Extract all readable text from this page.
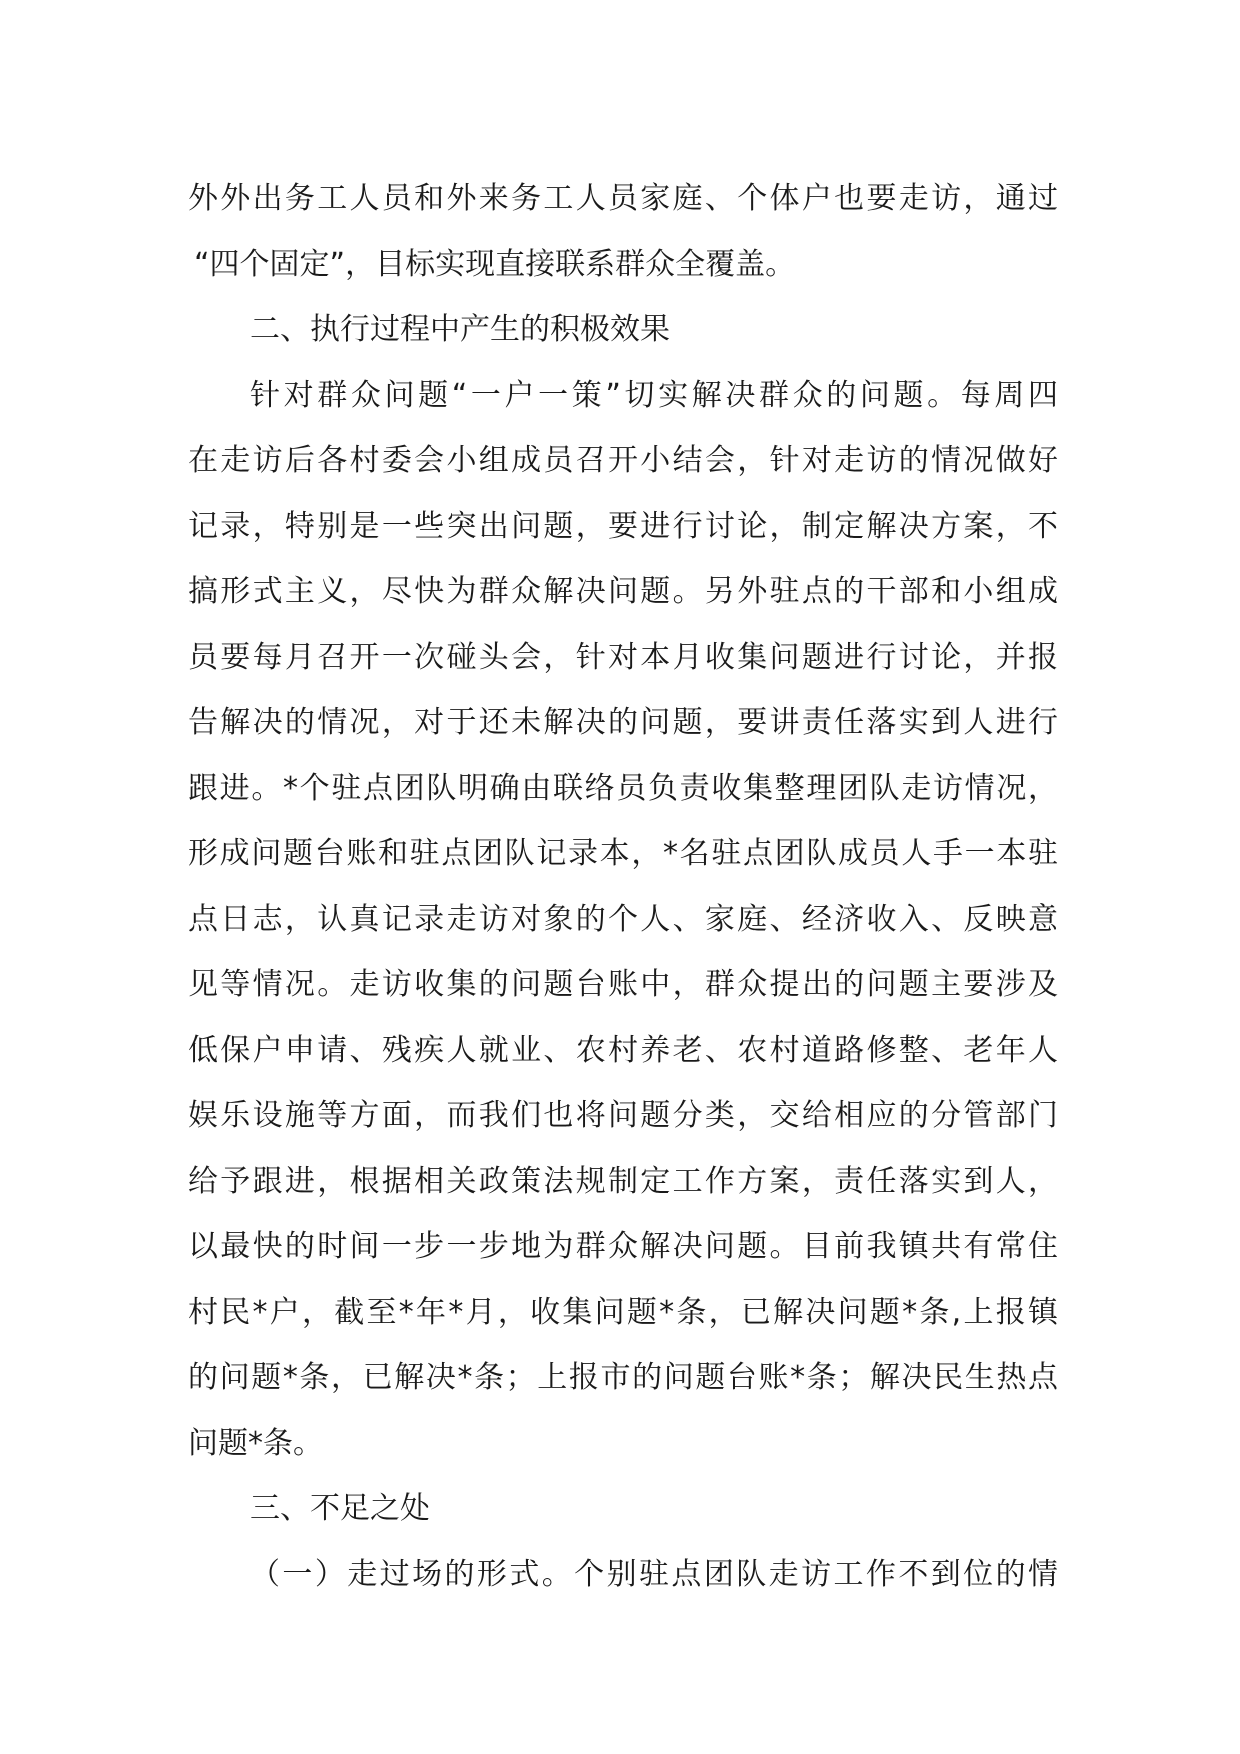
外外出务工人员和外来务工人员家庭、个体户也要走访，通过
“四个固定”，目标实现直接联系群众全覆盖。
二、执行过程中产生的积极效果
针对群众问题“一户一策”切实解决群众的问题。每周四
在走访后各村委会小组成员召开小结会，针对走访的情况做好
记录，特别是一些突出问题，要进行讨论，制定解决方案，不
搞形式主义，尽快为群众解决问题。另外驻点的干部和小组成
员要每月召开一次碰头会，针对本月收集问题进行讨论，并报
告解决的情况，对于还未解决的问题，要讲责任落实到人进行
跟进。*个驻点团队明确由联络员负责收集整理团队走访情况，
形成问题台账和驻点团队记录本，*名驻点团队成员人手一本驻
点日志，认真记录走访对象的个人、家庭、经济收入、反映意
见等情况。走访收集的问题台账中，群众提出的问题主要涉及
低保户申请、残疾人就业、农村养老、农村道路修整、老年人
娱乐设施等方面，而我们也将问题分类，交给相应的分管部门
给予跟进，根据相关政策法规制定工作方案，责任落实到人，
以最快的时间一步一步地为群众解决问题。目前我镇共有常住
村民*户，截至*年*月，收集问题*条，已解决问题*条,上报镇
的问题*条，已解决*条；上报市的问题台账*条；解决民生热点
问题*条。
三、不足之处
（一）走过场的形式。个别驻点团队走访工作不到位的情
